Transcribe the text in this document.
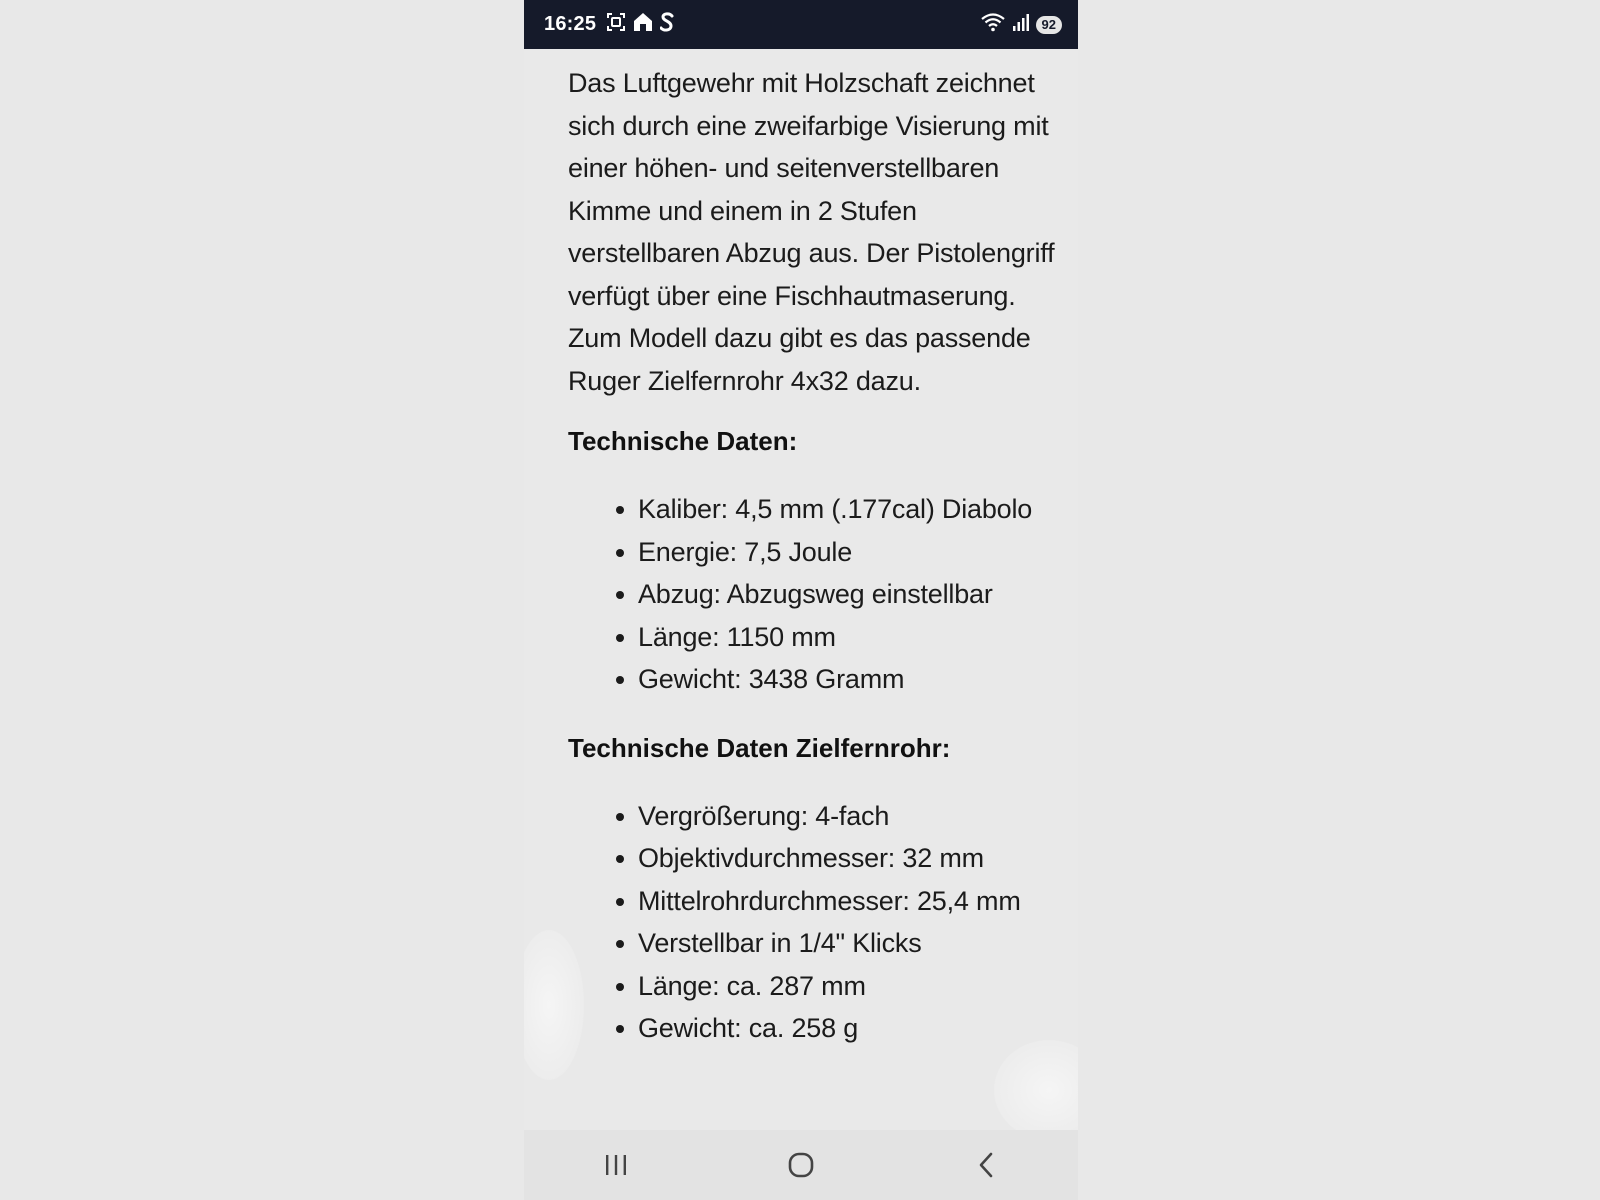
16:25	92

Das Luftgewehr mit Holzschaft zeichnet sich durch eine zweifarbige Visierung mit einer höhen- und seitenverstellbaren Kimme und einem in 2 Stufen verstellbaren Abzug aus. Der Pistolengriff verfügt über eine Fischhautmaserung. Zum Modell dazu gibt es das passende Ruger Zielfernrohr 4x32 dazu.

Technische Daten:
Kaliber: 4,5 mm (.177cal) Diabolo
Energie: 7,5 Joule
Abzug: Abzugsweg einstellbar
Länge: 1150 mm
Gewicht: 3438 Gramm
Technische Daten Zielfernrohr:
Vergrößerung: 4-fach
Objektivdurchmesser: 32 mm
Mittelrohrdurchmesser: 25,4 mm
Verstellbar in 1/4" Klicks
Länge: ca. 287 mm
Gewicht: ca. 258 g
